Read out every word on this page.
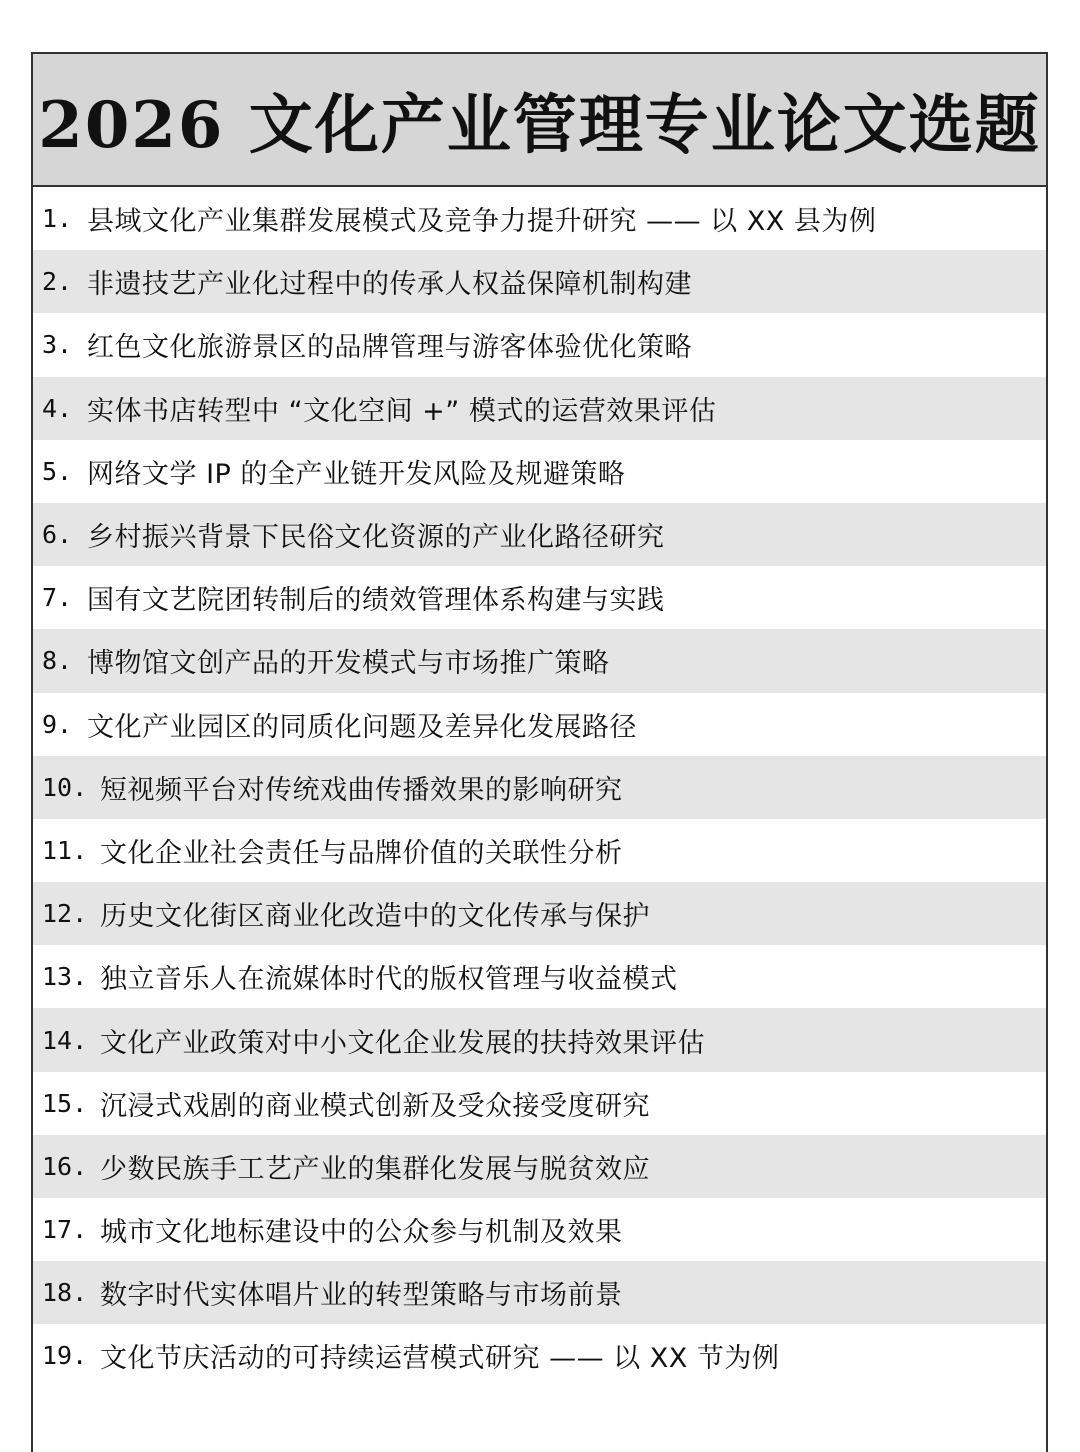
2026 文化产业管理专业论文选题
1. 县域文化产业集群发展模式及竞争力提升研究 —— 以 XX 县为例
2. 非遗技艺产业化过程中的传承人权益保障机制构建
3. 红色文化旅游景区的品牌管理与游客体验优化策略
4. 实体书店转型中 “文化空间 +” 模式的运营效果评估
5. 网络文学 IP 的全产业链开发风险及规避策略
6. 乡村振兴背景下民俗文化资源的产业化路径研究
7. 国有文艺院团转制后的绩效管理体系构建与实践
8. 博物馆文创产品的开发模式与市场推广策略
9. 文化产业园区的同质化问题及差异化发展路径
10. 短视频平台对传统戏曲传播效果的影响研究
11. 文化企业社会责任与品牌价值的关联性分析
12. 历史文化街区商业化改造中的文化传承与保护
13. 独立音乐人在流媒体时代的版权管理与收益模式
14. 文化产业政策对中小文化企业发展的扶持效果评估
15. 沉浸式戏剧的商业模式创新及受众接受度研究
16. 少数民族手工艺产业的集群化发展与脱贫效应
17. 城市文化地标建设中的公众参与机制及效果
18. 数字时代实体唱片业的转型策略与市场前景
19. 文化节庆活动的可持续运营模式研究 —— 以 XX 节为例
